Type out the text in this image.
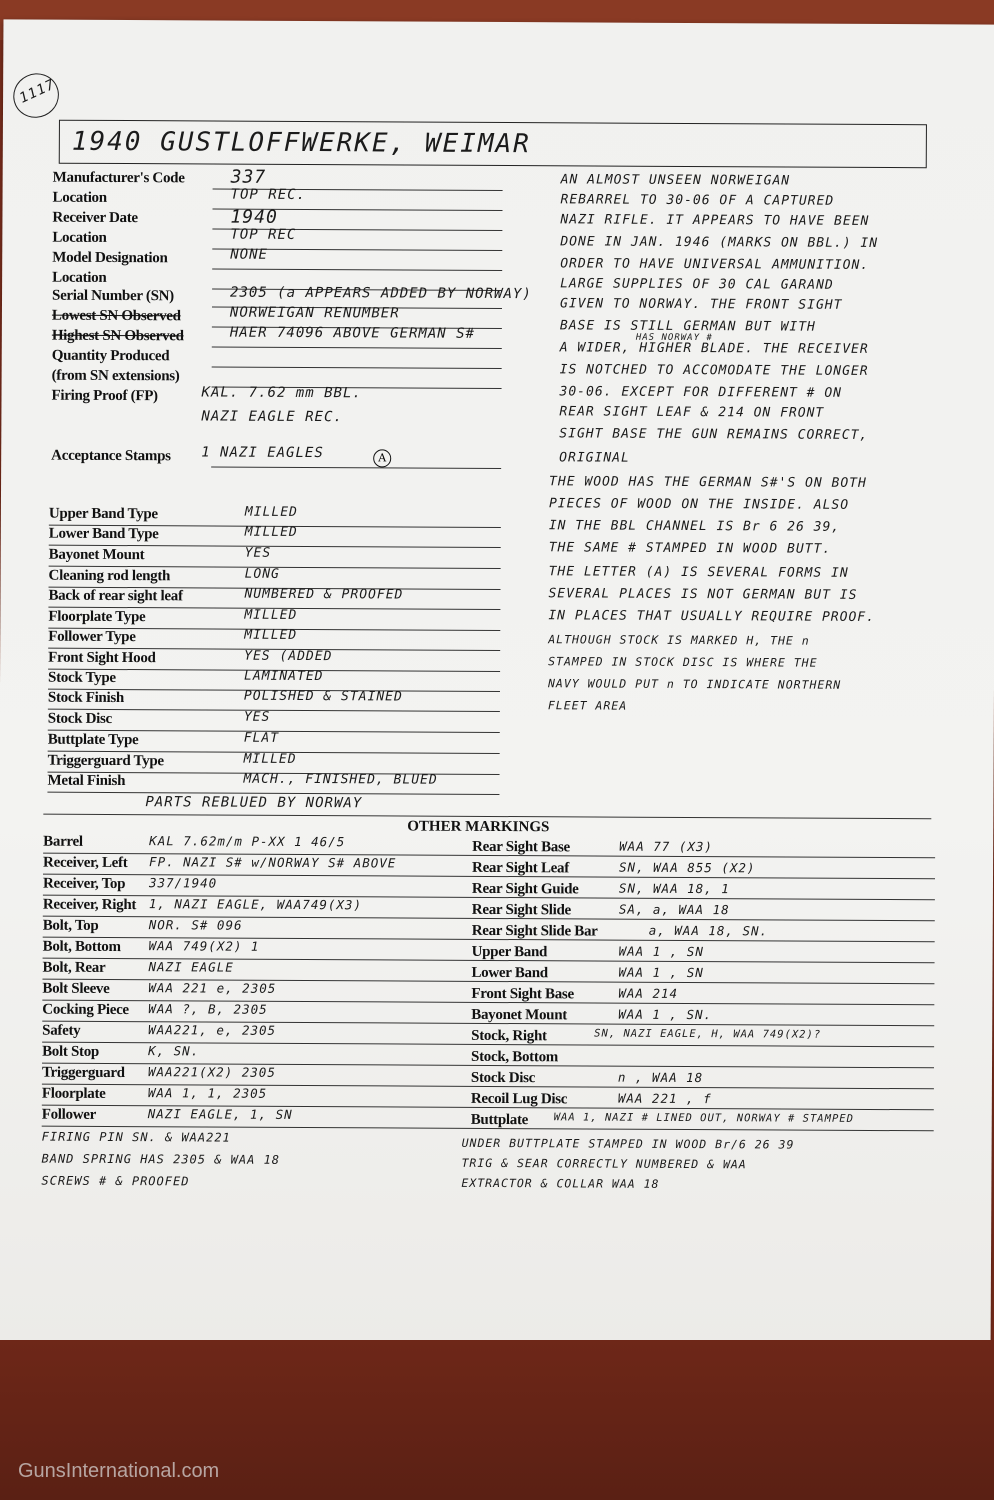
1117
1940 GUSTLOFFWERKE, WEIMAR
Manufacturer's Code	337
Location	TOP REC.
Receiver Date	1940
Location	TOP REC
Model Designation	NONE
Location
Serial Number (SN)	2305 (a APPEARS ADDED BY NORWAY)
Lowest SN Observed	NORWEIGAN RENUMBER
Highest SN Observed	HAER 74096 ABOVE GERMAN S#
Quantity Produced
(from SN extensions)
Firing Proof (FP)	KAL. 7.62 mm BBL.
NAZI EAGLE REC.
Acceptance Stamps 1 NAZI EAGLES	A
Upper Band Type	MILLED
Lower Band Type	MILLED
Bayonet Mount	YES
Cleaning rod length	LONG
Back of rear sight leaf	NUMBERED & PROOFED
Floorplate Type	MILLED
Follower Type	MILLED
Front Sight Hood	YES (ADDED
Stock Type	LAMINATED
Stock Finish	POLISHED & STAINED
Stock Disc	YES
Buttplate Type	FLAT
Triggerguard Type	MILLED
Metal Finish	MACH., FINISHED, BLUED
PARTS REBLUED BY NORWAY
AN ALMOST UNSEEN NORWEIGAN
REBARREL TO 30-06 OF A CAPTURED
NAZI RIFLE. IT APPEARS TO HAVE BEEN
DONE IN JAN. 1946 (MARKS ON BBL.) IN
ORDER TO HAVE UNIVERSAL AMMUNITION.
LARGE SUPPLIES OF 30 CAL GARAND
GIVEN TO NORWAY. THE FRONT SIGHT
BASE IS STILL GERMAN BUT WITH
A WIDER, HIGHER BLADE. THE RECEIVER
IS NOTCHED TO ACCOMODATE THE LONGER
30-06. EXCEPT FOR DIFFERENT # ON
REAR SIGHT LEAF & 214 ON FRONT
SIGHT BASE THE GUN REMAINS CORRECT,
ORIGINAL
THE WOOD HAS THE GERMAN S#'S ON BOTH
PIECES OF WOOD ON THE INSIDE. ALSO
IN THE BBL CHANNEL IS Br 6 26 39,
THE SAME # STAMPED IN WOOD BUTT.
THE LETTER (A) IS SEVERAL FORMS IN
SEVERAL PLACES IS NOT GERMAN BUT IS
IN PLACES THAT USUALLY REQUIRE PROOF.
ALTHOUGH STOCK IS MARKED H, THE n
STAMPED IN STOCK DISC IS WHERE THE
NAVY WOULD PUT n TO INDICATE NORTHERN
FLEET AREA
HAS NORWAY #
OTHER MARKINGS
Barrel	KAL 7.62m/m P-XX 1 46/5
Receiver, Left FP. NAZI S# w/NORWAY S# ABOVE
Receiver, Top 337/1940
Receiver, Right 1, NAZI EAGLE, WAA749(X3)
Bolt, Top	NOR. S# 096
Bolt, Bottom WAA 749(X2) 1
Bolt, Rear	NAZI EAGLE
Bolt Sleeve	WAA 221 e, 2305
Cocking Piece WAA ?, B, 2305
Safety	WAA221, e, 2305
Bolt Stop	K, SN.
Triggerguard WAA221(X2) 2305
Floorplate	WAA 1, 1, 2305
Follower	NAZI EAGLE, 1, SN
Rear Sight Base	WAA 77 (X3)
Rear Sight Leaf	SN, WAA 855 (X2)
Rear Sight Guide	SN, WAA 18, 1
Rear Sight Slide	SA, a, WAA 18
Rear Sight Slide Bar	a, WAA 18, SN.
Upper Band	WAA 1 , SN
Lower Band	WAA 1 , SN
Front Sight Base	WAA 214
Bayonet Mount	WAA 1 , SN.
Stock, Right	SN, NAZI EAGLE, H, WAA 749(X2)?
Stock, Bottom
Stock Disc	n , WAA 18
Recoil Lug Disc	WAA 221 , f
Buttplate WAA 1, NAZI # LINED OUT, NORWAY # STAMPED
FIRING PIN SN. & WAA221
BAND SPRING HAS 2305 & WAA 18
SCREWS # & PROOFED
UNDER BUTTPLATE STAMPED IN WOOD Br/6 26 39
TRIG & SEAR CORRECTLY NUMBERED & WAA
EXTRACTOR & COLLAR WAA 18
GunsInternational.com
